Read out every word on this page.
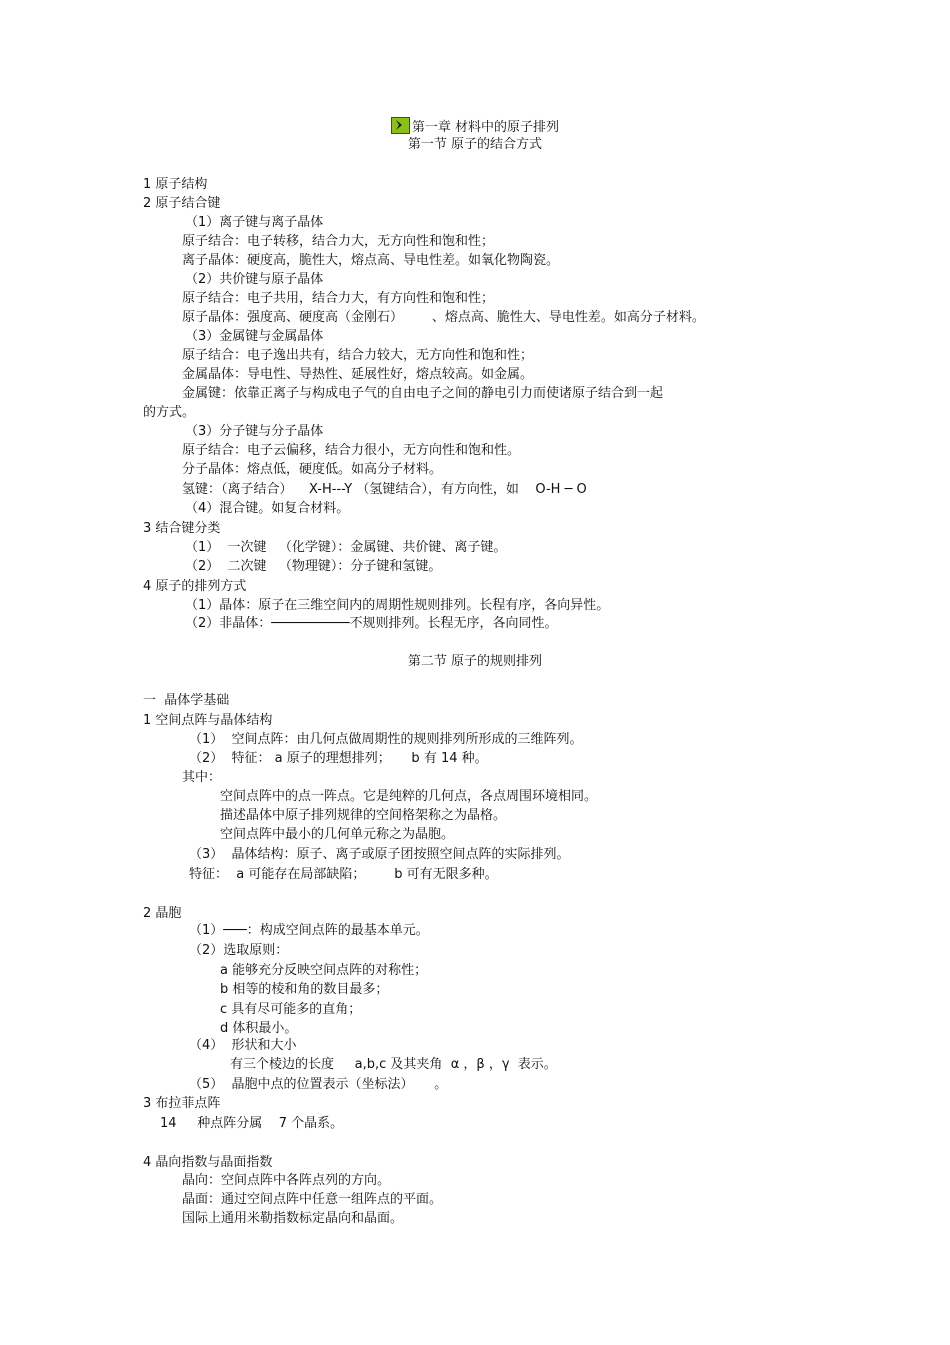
第一章 材料中的原子排列
第一节 原子的结合方式
1 原子结构
2 原子结合键
（1）离子键与离子晶体
原子结合：电子转移，结合力大，无方向性和饱和性；
离子晶体：硬度高，脆性大，熔点高、导电性差。如氧化物陶瓷。
（2）共价键与原子晶体
原子结合：电子共用，结合力大，有方向性和饱和性；
原子晶体：强度高、硬度高（金刚石）       、熔点高、脆性大、导电性差。如高分子材料。
（3）金属键与金属晶体
原子结合：电子逸出共有，结合力较大，无方向性和饱和性；
金属晶体：导电性、导热性、延展性好，熔点较高。如金属。
金属键：依靠正离子与构成电子气的自由电子之间的静电引力而使诸原子结合到一起
的方式。
（3）分子键与分子晶体
原子结合：电子云偏移，结合力很小，无方向性和饱和性。
分子晶体：熔点低，硬度低。如高分子材料。
氢键：（离子结合）    X-H---Y （氢键结合），有方向性，如    O-H ─ O
（4）混合键。如复合材料。
3 结合键分类
（1）  一次键   （化学键）：金属键、共价键、离子键。
（2）  二次键   （物理键）：分子键和氢键。
4 原子的排列方式
（1）晶体：原子在三维空间内的周期性规则排列。长程有序，各向异性。
（2）非晶体：──────────不规则排列。长程无序，各向同性。
第二节 原子的规则排列
一  晶体学基础
1 空间点阵与晶体结构
（1）  空间点阵：由几何点做周期性的规则排列所形成的三维阵列。
（2）  特征： a 原子的理想排列；     b 有 14 种。
其中：
空间点阵中的点一阵点。它是纯粹的几何点，各点周围环境相同。
描述晶体中原子排列规律的空间格架称之为晶格。
空间点阵中最小的几何单元称之为晶胞。
（3）  晶体结构：原子、离子或原子团按照空间点阵的实际排列。
特征：  a 可能存在局部缺陷；       b 可有无限多种。
2 晶胞
（1）───：构成空间点阵的最基本单元。
（2）选取原则：
a 能够充分反映空间点阵的对称性；
b 相等的棱和角的数目最多；
c 具有尽可能多的直角；
d 体积最小。
（4）  形状和大小
有三个棱边的长度     a,b,c 及其夹角  α ，β ，γ  表示。
（5）  晶胞中点的位置表示（坐标法）     。
3 布拉菲点阵
14     种点阵分属    7 个晶系。
4 晶向指数与晶面指数
晶向：空间点阵中各阵点列的方向。
晶面：通过空间点阵中任意一组阵点的平面。
国际上通用米勒指数标定晶向和晶面。
